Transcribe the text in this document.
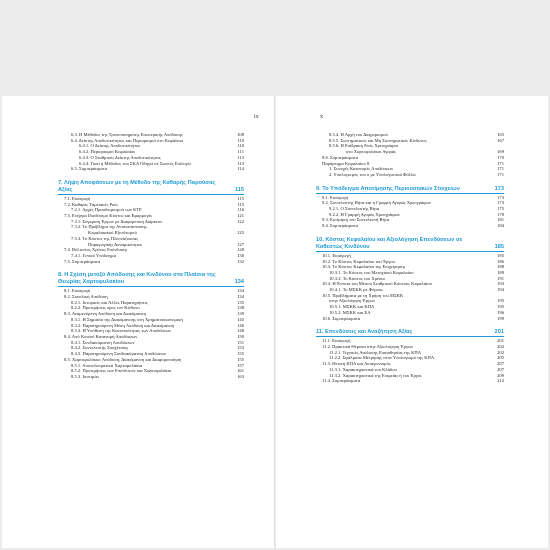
ix
6.3. Η Μέθοδος της Τροποποιημένης Εσωτερικής Απόδοσης	108
6.4. Δείκτης Αποδοτικότητας και Περιορισμοί στο Κεφάλαιο	110
6.4.1. Ο Δείκτης Αποδοτικότητας	110
6.4.2. Περιορισμοί Κεφαλαίου	111
6.4.3. Ο Σταθμικός Δείκτης Αποδοτικότητας	113
6.4.4. Γιατί η Μέθοδος του ΣΚΑ Οδηγεί σε Σωστές Επιλογές	113
6.5. Συμπεράσματα	114
7. Λήψη Αποφάσεων με τη Μέθοδο της Καθαρής Παρούσας Αξίας	115
7.1. Εισαγωγή	115
7.2. Καθαρές Ταμειακές Ροές	115
7.2.1. Αρχές Προσδιορισμού των ΚΤΡ	116
7.3. Ενέργια Ιδιοδόσιμο Κόστος και Εφαρμογές	121
7.3.1. Σύγκριση Έργων με Διαφορετική Διάρκεια	122
7.3.2. Το Πρόβλημα της Αντικατάστασης
Κεφαλαιακού Εξοπλισμού	125
7.3.3. Το Κόστος της Πλεονάζουσας
Παραγωγικής Δυναμικότητας	127
7.4. Βέλτιστος Χρόνος Επένδυσης	128
7.4.1. Γενικό Υπόδειγμα	130
7.5. Συμπεράσματα	132
8. Η Σχέση μεταξύ Απόδοσης και Κινδύνου στα Πλαίσια της Θεωρίας Χαρτοφυλακίου	134
8.1. Εισαγωγή	134
8.2. Συνολική Απόδοση	134
8.2.1. Ιστορικές και Άλλες Παρατηρήσεις	135
8.2.2. Προτιμήσεις προς τον Κίνδυνο	138
8.3. Αναμενόμενη Απόδοση και Διακύμανση	139
8.3.1. Η Σημασία της Διακύμανσης στη Χρηματοοικονομική	145
8.3.2. Παρατηρούμενη Μέση Απόδοση και Διακύμανση	146
8.3.3. Η Υπόθεση της Κανονικότητας των Αποδόσεων	148
8.4. Από Κοινού Κατανομή Αποδόσεων	150
8.4.1. Συνδιακύμανση Αποδόσεων	151
8.4.2. Συντελεστής Συσχέτισης	153
8.4.3. Παρατηρούμενη Συνδιακύμανση Αποδόσεων	155
8.5. Χαρτοφυλάκια: Απόδοση, Διακύμανση και Διαφοροποίηση	155
8.5.1. Αποτελεσματικά Χαρτοφυλάκια	157
8.5.2. Προτιμήσεις των Επενδυτών και Χαρτοφυλάκια	161
8.5.3. Ισοτιμίες	163
x
8.5.4. Η Αρχή του Διαχωρισμού	165
8.5.5. Συστηματικός και Μη Συστηματικός Κίνδυνος	167
8.5.6. Η Επίδραση Ενός Χρεογράφου
στο Χαρτοφυλάκιο Αγοράς	169
8.6. Συμπεράσματα	170
Παράρτημα Κεφαλαίου 8	171
1. Συνοχές Κατανομές Αποδόσεων	171
2. Υπολογισμός του σ με Υπολογιστικά Φύλλα	171
9. Το Υπόδειγμα Αποτίμησης Περιουσιακών Στοιχείων	173
9.1. Εισαγωγή	173
9.2. Συντελεστής Βήτα και η Γραμμή Αγοράς Χρεογράφων	173
9.2.1. Ο Συντελεστής Βήτα	175
9.2.2. Η Γραμμή Αγοράς Χρεογράφων	178
9.3. Εκτίμηση του Συντελεστή Βήτα	181
9.4. Συμπεράσματα	184
10. Κόστος Κεφαλαίου και Αξιολόγηση Επενδύσεων σε Καθεστώς Κινδύνου	185
10.1. Εισαγωγή	185
10.2. Το Κόστος Κεφαλαίου του Έργου	186
10.3. Το Κόστος Κεφαλαίου της Επιχείρησης	188
10.3.1. Το Κόστος του Μετοχικού Κεφαλαίου	189
10.3.2. Το Κόστος του Χρέους	191
10.4. Η Έννοια του Μέσου Σταθμικού Κόστους Κεφαλαίου	193
10.4.1. Το ΜΣΚΚ με Φόρους	194
10.5. Προβλήματα με τη Χρήση του ΜΣΚΚ
στην Αξιολόγηση Έργων	195
10.5.1. ΜΣΚΚ και ΚΠΑ	195
10.5.2. ΜΣΚΚ και ΕΑ	196
10.6. Συμπεράσματα	199
11. Επενδύσεις και Αναζήτηση Αξίας	201
11.1. Εισαγωγή	201
11.2. Πρακτικά Θέματα στην Αξιολόγηση Έργων	202
11.2.1. Τεχνικές Ανάλυσης Ευαισθησίας της ΚΠΑ	202
11.2.2. Σφάλματα Μέτρησης στον Υπολογισμό της ΚΠΑ	205
11.3. Θετική ΚΠΑ και Ανταγωνισμός	207
11.3.1. Χαρακτηριστικά του Κλάδου	207
11.3.2. Χαρακτηριστικά της Επιφείας ή του Έργου	209
11.4. Συμπεράσματα	212
